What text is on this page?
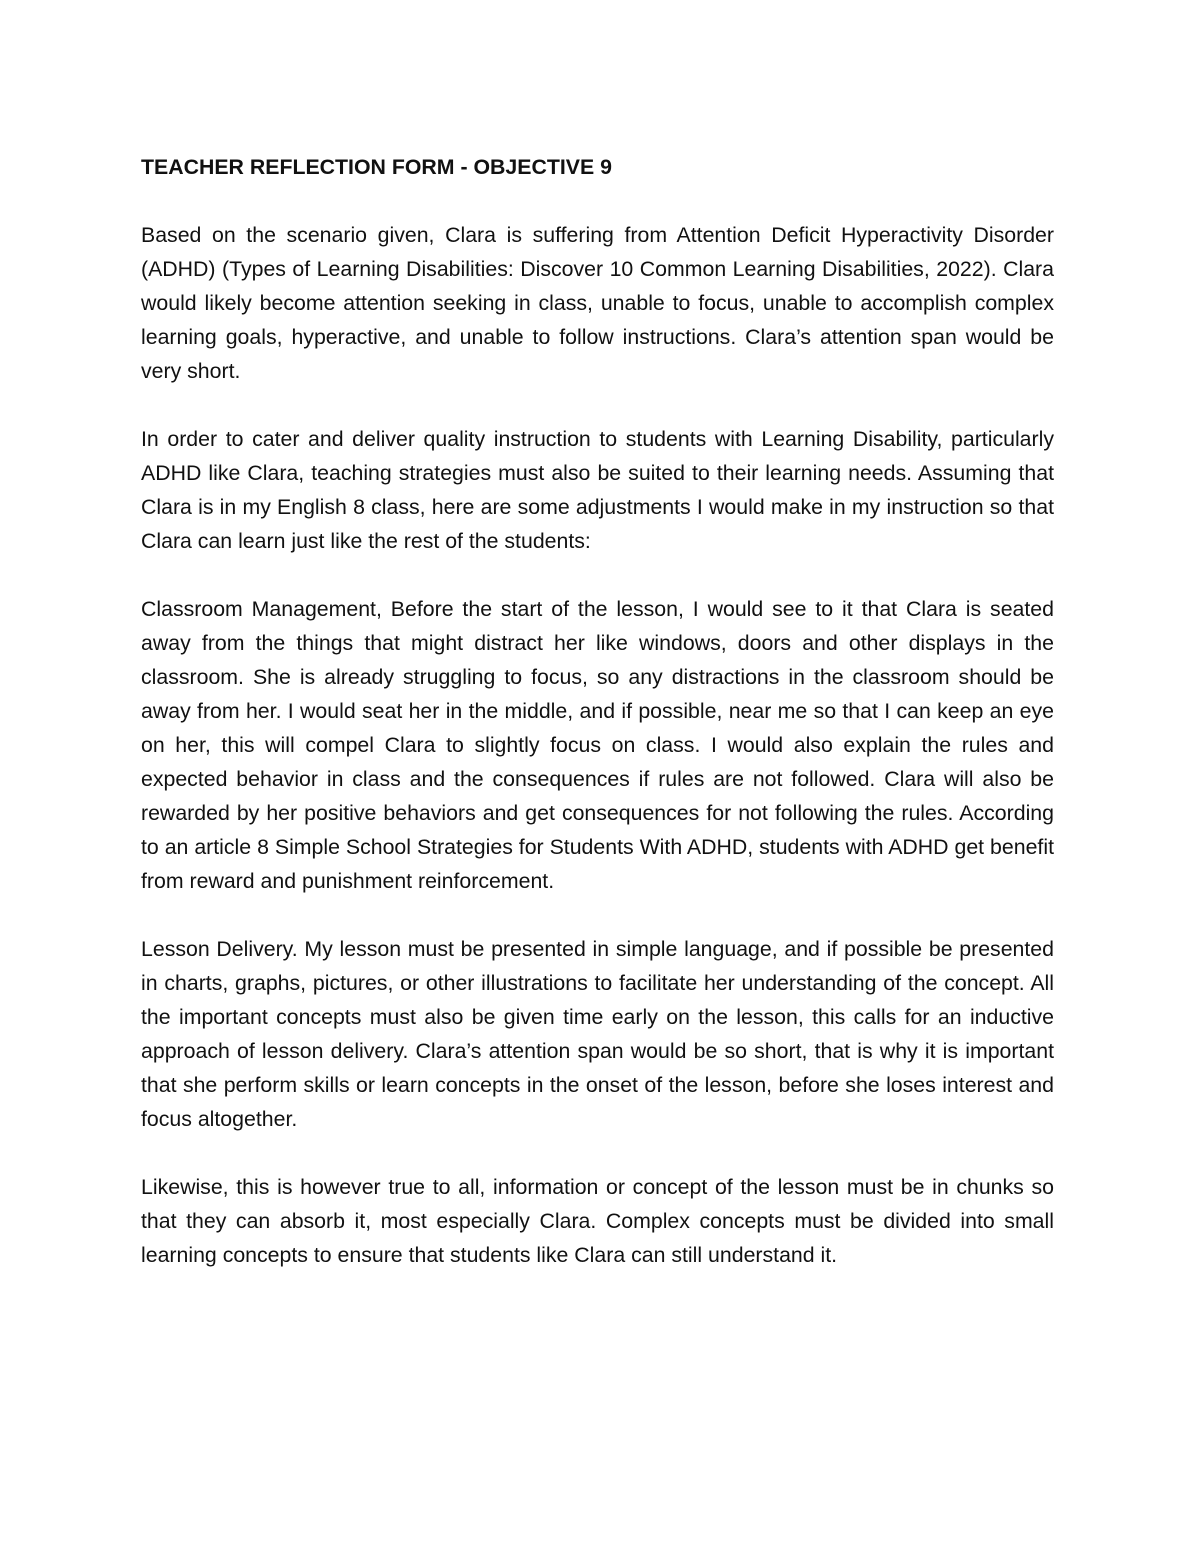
TEACHER REFLECTION FORM - OBJECTIVE 9

Based on the scenario given, Clara is suffering from Attention Deficit Hyperactivity Disorder (ADHD) (Types of Learning Disabilities: Discover 10 Common Learning Disabilities, 2022). Clara would likely become attention seeking in class, unable to focus, unable to accomplish complex learning goals, hyperactive, and unable to follow instructions. Clara’s attention span would be very short.

In order to cater and deliver quality instruction to students with Learning Disability, particularly ADHD like Clara, teaching strategies must also be suited to their learning needs. Assuming that Clara is in my English 8 class, here are some adjustments I would make in my instruction so that Clara can learn just like the rest of the students:

Classroom Management, Before the start of the lesson, I would see to it that Clara is seated away from the things that might distract her like windows, doors and other displays in the classroom. She is already struggling to focus, so any distractions in the classroom should be away from her. I would seat her in the middle, and if possible, near me so that I can keep an eye on her, this will compel Clara to slightly focus on class. I would also explain the rules and expected behavior in class and the consequences if rules are not followed. Clara will also be rewarded by her positive behaviors and get consequences for not following the rules. According to an article 8 Simple School Strategies for Students With ADHD, students with ADHD get benefit from reward and punishment reinforcement.

Lesson Delivery. My lesson must be presented in simple language, and if possible be presented in charts, graphs, pictures, or other illustrations to facilitate her understanding of the concept. All the important concepts must also be given time early on the lesson, this calls for an inductive approach of lesson delivery. Clara’s attention span would be so short, that is why it is important that she perform skills or learn concepts in the onset of the lesson, before she loses interest and focus altogether.

Likewise, this is however true to all, information or concept of the lesson must be in chunks so that they can absorb it, most especially Clara. Complex concepts must be divided into small learning concepts to ensure that students like Clara can still understand it.
